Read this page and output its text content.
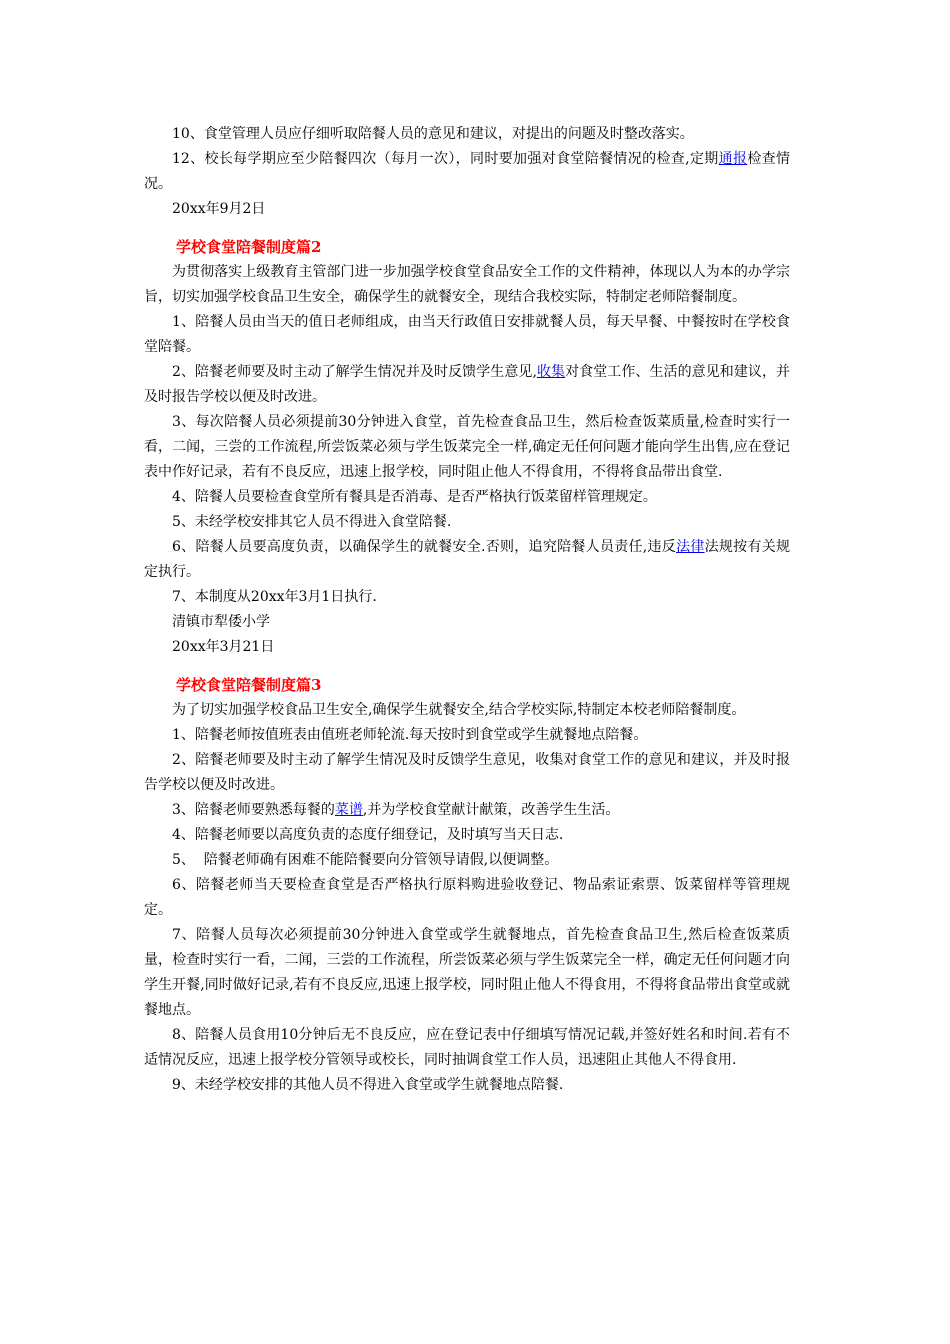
10、食堂管理人员应仔细听取陪餐人员的意见和建议，对提出的问题及时整改落实。

12、校长每学期应至少陪餐四次（每月一次），同时要加强对食堂陪餐情况的检查,定期通报检查情况。

20xx年9月2日

学校食堂陪餐制度篇2

为贯彻落实上级教育主管部门进一步加强学校食堂食品安全工作的文件精神，体现以人为本的办学宗旨，切实加强学校食品卫生安全，确保学生的就餐安全，现结合我校实际，特制定老师陪餐制度。

1、陪餐人员由当天的值日老师组成，由当天行政值日安排就餐人员，每天早餐、中餐按时在学校食堂陪餐。

2、陪餐老师要及时主动了解学生情况并及时反馈学生意见,收集对食堂工作、生活的意见和建议，并及时报告学校以便及时改进。

3、每次陪餐人员必须提前30分钟进入食堂，首先检查食品卫生，然后检查饭菜质量,检查时实行一看，二闻，三尝的工作流程,所尝饭菜必须与学生饭菜完全一样,确定无任何问题才能向学生出售,应在登记表中作好记录，若有不良反应，迅速上报学校，同时阻止他人不得食用，不得将食品带出食堂.

4、陪餐人员要检查食堂所有餐具是否消毒、是否严格执行饭菜留样管理规定。

5、未经学校安排其它人员不得进入食堂陪餐.

6、陪餐人员要高度负责，以确保学生的就餐安全.否则，追究陪餐人员责任,违反法律法规按有关规定执行。

7、本制度从20xx年3月1日执行.

清镇市犁倭小学

20xx年3月21日

学校食堂陪餐制度篇3

为了切实加强学校食品卫生安全,确保学生就餐安全,结合学校实际,特制定本校老师陪餐制度。

1、陪餐老师按值班表由值班老师轮流.每天按时到食堂或学生就餐地点陪餐。

2、陪餐老师要及时主动了解学生情况及时反馈学生意见，收集对食堂工作的意见和建议，并及时报告学校以便及时改进。

3、陪餐老师要熟悉每餐的菜谱,并为学校食堂献计献策，改善学生生活。

4、陪餐老师要以高度负责的态度仔细登记，及时填写当天日志.

5、  陪餐老师确有困难不能陪餐要向分管领导请假,以便调整。

6、陪餐老师当天要检查食堂是否严格执行原料购进验收登记、物品索证索票、饭菜留样等管理规定。

7、陪餐人员每次必须提前30分钟进入食堂或学生就餐地点，首先检查食品卫生,然后检查饭菜质量，检查时实行一看，二闻，三尝的工作流程，所尝饭菜必须与学生饭菜完全一样，确定无任何问题才向学生开餐,同时做好记录,若有不良反应,迅速上报学校，同时阻止他人不得食用，不得将食品带出食堂或就餐地点。

8、陪餐人员食用10分钟后无不良反应，应在登记表中仔细填写情况记载,并签好姓名和时间.若有不适情况反应，迅速上报学校分管领导或校长，同时抽调食堂工作人员，迅速阻止其他人不得食用.

9、未经学校安排的其他人员不得进入食堂或学生就餐地点陪餐.
